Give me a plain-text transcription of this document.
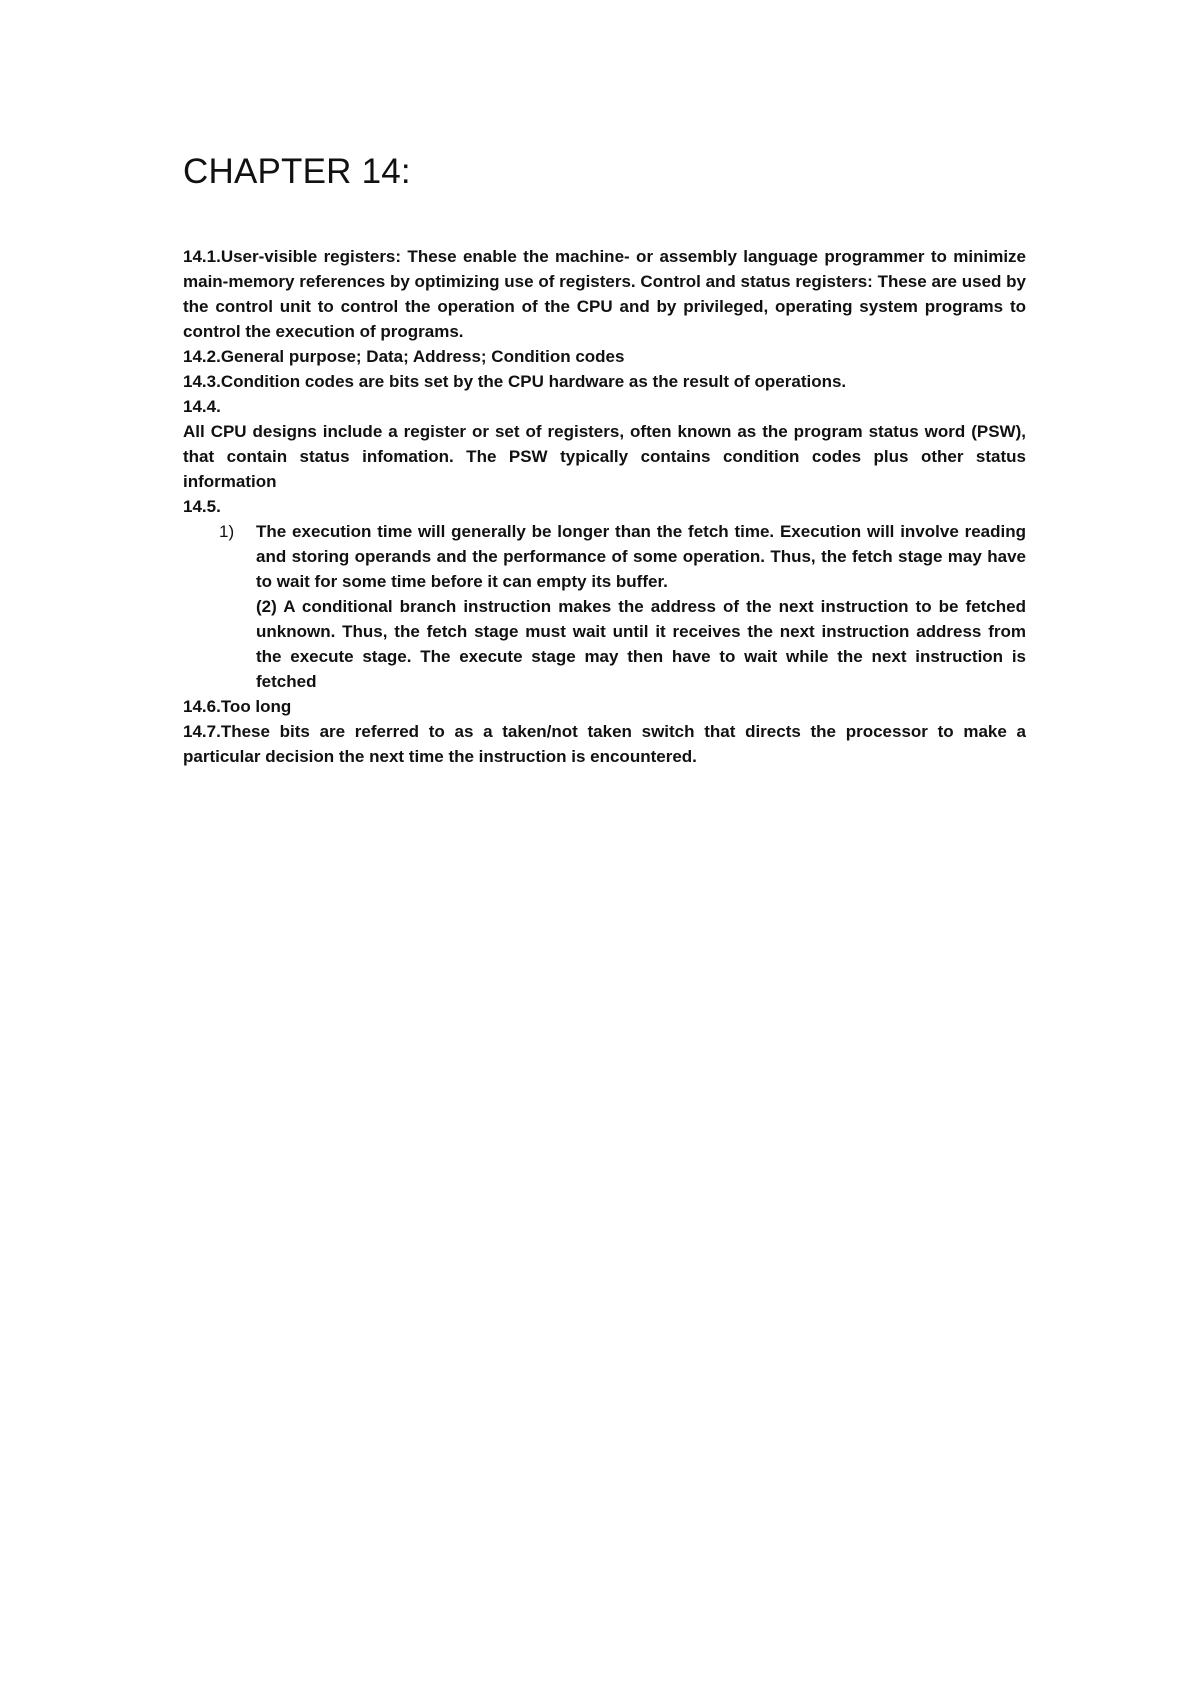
CHAPTER 14:

14.1.User-visible registers: These enable the machine- or assembly language programmer to minimize main-memory references by optimizing use of registers. Control and status registers: These are used by the control unit to control the operation of the CPU and by privileged, operating system programs to control the execution of programs.

14.2.General purpose; Data; Address; Condition codes

14.3.Condition codes are bits set by the CPU hardware as the result of operations.

14.4.

All CPU designs include a register or set of registers, often known as the program status word (PSW), that contain status infomation. The PSW typically contains condition codes plus other status information

14.5.

1) The execution time will generally be longer than the fetch time. Execution will involve reading and storing operands and the performance of some operation. Thus, the fetch stage may have to wait for some time before it can empty its buffer.

(2) A conditional branch instruction makes the address of the next instruction to be fetched unknown. Thus, the fetch stage must wait until it receives the next instruction address from the execute stage. The execute stage may then have to wait while the next instruction is fetched

14.6.Too long

14.7.These bits are referred to as a taken/not taken switch that directs the processor to make a particular decision the next time the instruction is encountered.
